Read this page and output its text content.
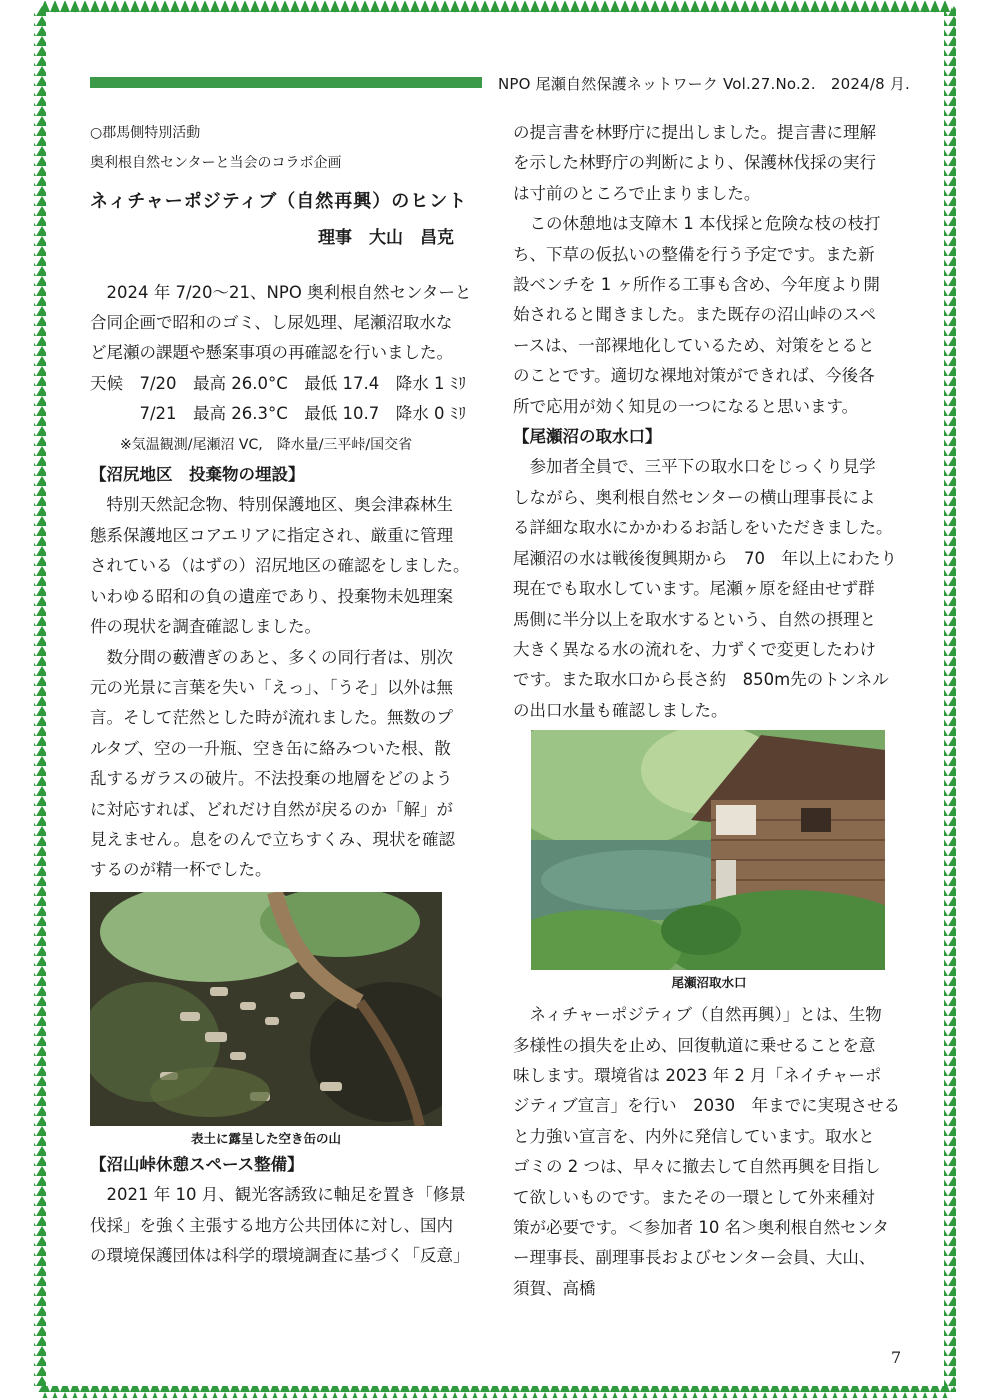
NPO 尾瀬自然保護ネットワーク Vol.27.No.2.　2024/8 月.

○郡馬側特別活動

奥利根自然センターと当会のコラボ企画

ネィチャーポジティブ（自然再興）のヒント

理事　大山　昌克

2024 年 7/20～21、NPO 奥利根自然センターと

合同企画で昭和のゴミ、し尿処理、尾瀬沼取水な

ど尾瀬の課題や懸案事項の再確認を行いました。

天候　7/20　最高 26.0°C　最低 17.4　降水 1 ﾐﾘ

　　　7/21　最高 26.3°C　最低 10.7　降水 0 ﾐﾘ

※気温観測/尾瀬沼 VC,　降水量/三平峠/国交省

【沼尻地区　投棄物の埋設】

特別天然記念物、特別保護地区、奥会津森林生

態系保護地区コアエリアに指定され、厳重に管理

されている（はずの）沼尻地区の確認をしました。

いわゆる昭和の負の遺産であり、投棄物未処理案

件の現状を調査確認しました。

数分間の藪漕ぎのあと、多くの同行者は、別次

元の光景に言葉を失い「えっ」、「うそ」以外は無

言。そして茫然とした時が流れました。無数のプ

ルタブ、空の一升瓶、空き缶に絡みついた根、散

乱するガラスの破片。不法投棄の地層をどのよう

に対応すれば、どれだけ自然が戻るのか「解」が

見えません。息をのんで立ちすくみ、現状を確認

するのが精一杯でした。

表土に露呈した空き缶の山

【沼山峠休憩スペース整備】

2021 年 10 月、観光客誘致に軸足を置き「修景

伐採」を強く主張する地方公共団体に対し、国内

の環境保護団体は科学的環境調査に基づく「反意」

の提言書を林野庁に提出しました。提言書に理解

を示した林野庁の判断により、保護林伐採の実行

は寸前のところで止まりました。

この休憩地は支障木 1 本伐採と危険な枝の枝打

ち、下草の仮払いの整備を行う予定です。また新

設ベンチを 1 ヶ所作る工事も含め、今年度より開

始されると聞きました。また既存の沼山峠のスペ

ースは、一部裸地化しているため、対策をとると

のことです。適切な裸地対策ができれば、今後各

所で応用が効く知見の一つになると思います。

【尾瀬沼の取水口】

参加者全員で、三平下の取水口をじっくり見学

しながら、奥利根自然センターの横山理事長によ

る詳細な取水にかかわるお話しをいただきました。

尾瀬沼の水は戦後復興期から　70　年以上にわたり

現在でも取水しています。尾瀬ヶ原を経由せず群

馬側に半分以上を取水するという、自然の摂理と

大きく異なる水の流れを、力ずくで変更したわけ

です。また取水口から長さ約　850m先のトンネル

の出口水量も確認しました。

尾瀬沼取水口

ネィチャーポジティブ（自然再興）」とは、生物

多様性の損失を止め、回復軌道に乗せることを意

味します。環境省は 2023 年 2 月「ネイチャーポ

ジティブ宣言」を行い　2030　年までに実現させる

と力強い宣言を、内外に発信しています。取水と

ゴミの 2 つは、早々に撤去して自然再興を目指し

て欲しいものです。またその一環として外来種対

策が必要です。＜参加者 10 名＞奥利根自然センタ

ー理事長、副理事長およびセンター会員、大山、

須賀、高橋

7
